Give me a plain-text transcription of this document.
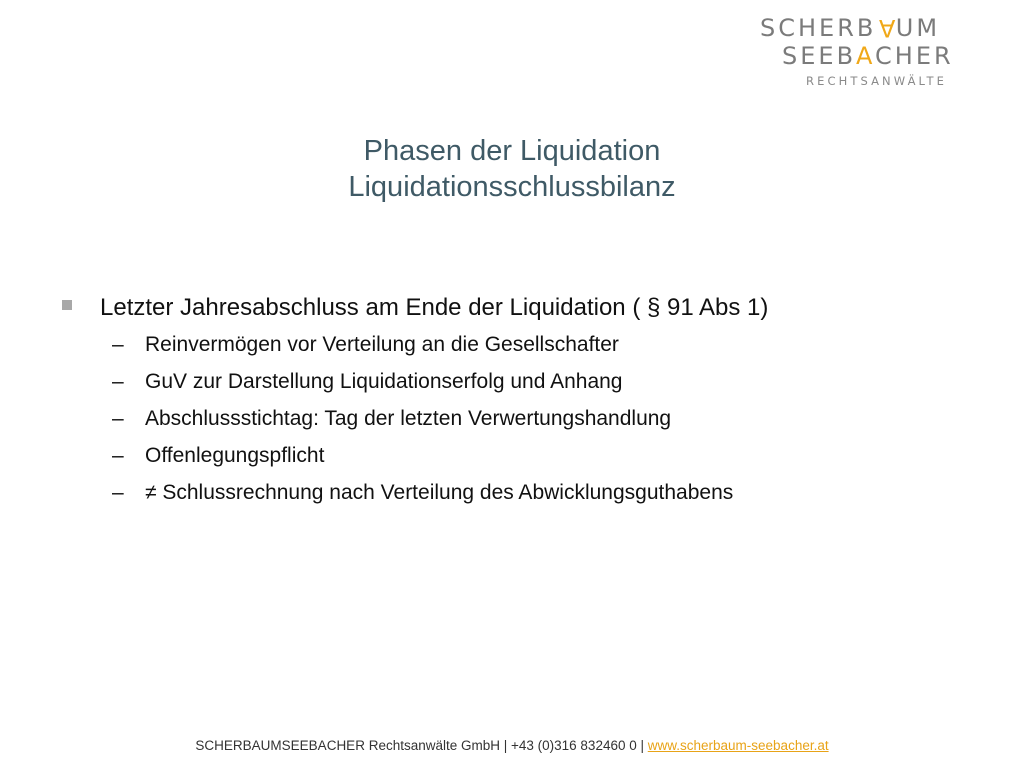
SCHERBAUM
SEEBACHER
RECHTSANWÄLTE
Phasen der Liquidation
Liquidationsschlussbilanz
Letzter Jahresabschluss am Ende der Liquidation ( § 91 Abs 1)
– Reinvermögen vor Verteilung an die Gesellschafter
– GuV zur Darstellung Liquidationserfolg und Anhang
– Abschlussstichtag: Tag der letzten Verwertungshandlung
– Offenlegungspflicht
– ≠ Schlussrechnung nach Verteilung des Abwicklungsguthabens
SCHERBAUMSEEBACHER Rechtsanwälte GmbH | +43 (0)316 832460 0 | www.scherbaum-seebacher.at
